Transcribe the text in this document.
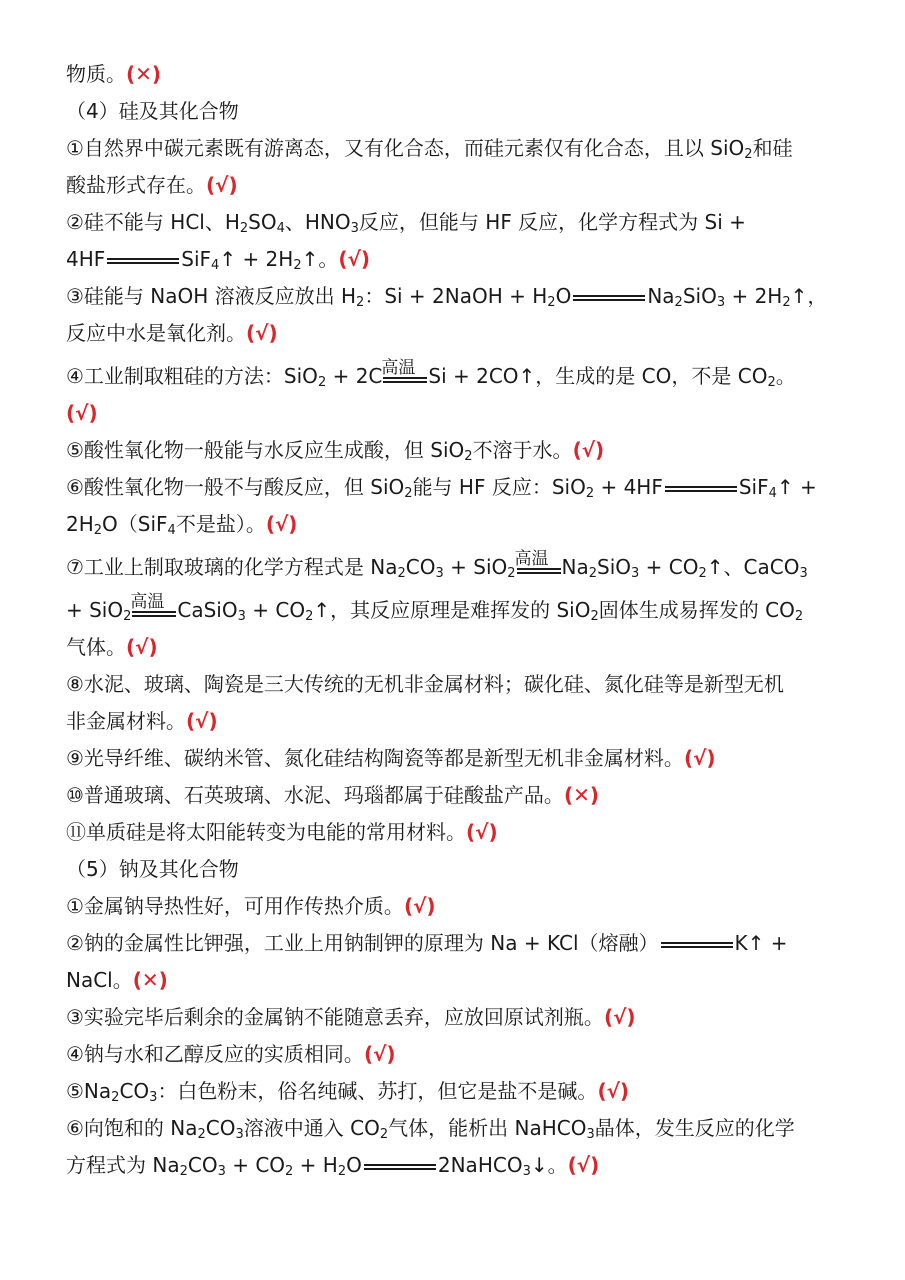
物质。(✕)

（4）硅及其化合物

①自然界中碳元素既有游离态，又有化合态，而硅元素仅有化合态，且以 SiO$_2$和硅

酸盐形式存在。(√)

②硅不能与 HCl、$H_2SO_4$、$HNO_3$反应，但能与 HF 反应，化学方程式为 Si +

4HF	SiF$_4$↑ + $2H_2↑$。(√)

③硅能与 NaOH 溶液反应放出 $H_2$：Si + 2NaOH + $H_2O$	$Na_2SiO_3$ + $2H_2↑$，

反应中水是氧化剂。(√)

④工业制取粗硅的方法：SiO$_2$ + 2C 高温 Si + 2CO↑，生成的是 CO，不是 $CO_2$。

(√)

⑤酸性氧化物一般能与水反应生成酸，但 SiO$_2$不溶于水。(√)

⑥酸性氧化物一般不与酸反应，但 SiO$_2$能与 HF 反应：SiO$_2$ + 4HF	SiF$_4$↑ +

$2H_2O(SiF_4$不是盐）。(√)

⑦工业上制取玻璃的化学方程式是 $Na_2CO_3 + SiO_2$
高温 $Na_2SiO_3$ + $CO_2↑$、CaCO$_3$

+ SiO$_2$
高温 CaSiO$_3$ + $CO_2↑$，其反应原理是难挥发的 SiO$_2$固体生成易挥发的 $CO_2$

气体。(√)

⑧水泥、玻璃、陶瓷是三大传统的无机非金属材料；碳化硅、氮化硅等是新型无机

非金属材料。(√)

⑨光导纤维、碳纳米管、氮化硅结构陶瓷等都是新型无机非金属材料。(√)

⑩普通玻璃、石英玻璃、水泥、玛瑙都属于硅酸盐产品。(✕)

⑪单质硅是将太阳能转变为电能的常用材料。(√)

（5）钠及其化合物

①金属钠导热性好，可用作传热介质。(√)

②钠的金属性比钾强，工业上用钠制钾的原理为 Na + KCl（熔融）	K↑ +

NaCl。(✕)

③实验完毕后剩余的金属钠不能随意丢弃，应放回原试剂瓶。(√)

④钠与水和乙醇反应的实质相同。(√)

$⑤Na_2CO_3$：白色粉末，俗名纯碱、苏打，但它是盐不是碱。(√)

⑥向饱和的 $Na_2CO_3$溶液中通入 $CO_2$气体，能析出 NaHCO$_3$晶体，发生反应的化学

方程式为 $Na_2CO_3 + CO_2 + H_2O$	2NaHCO$_3$↓。(√)
